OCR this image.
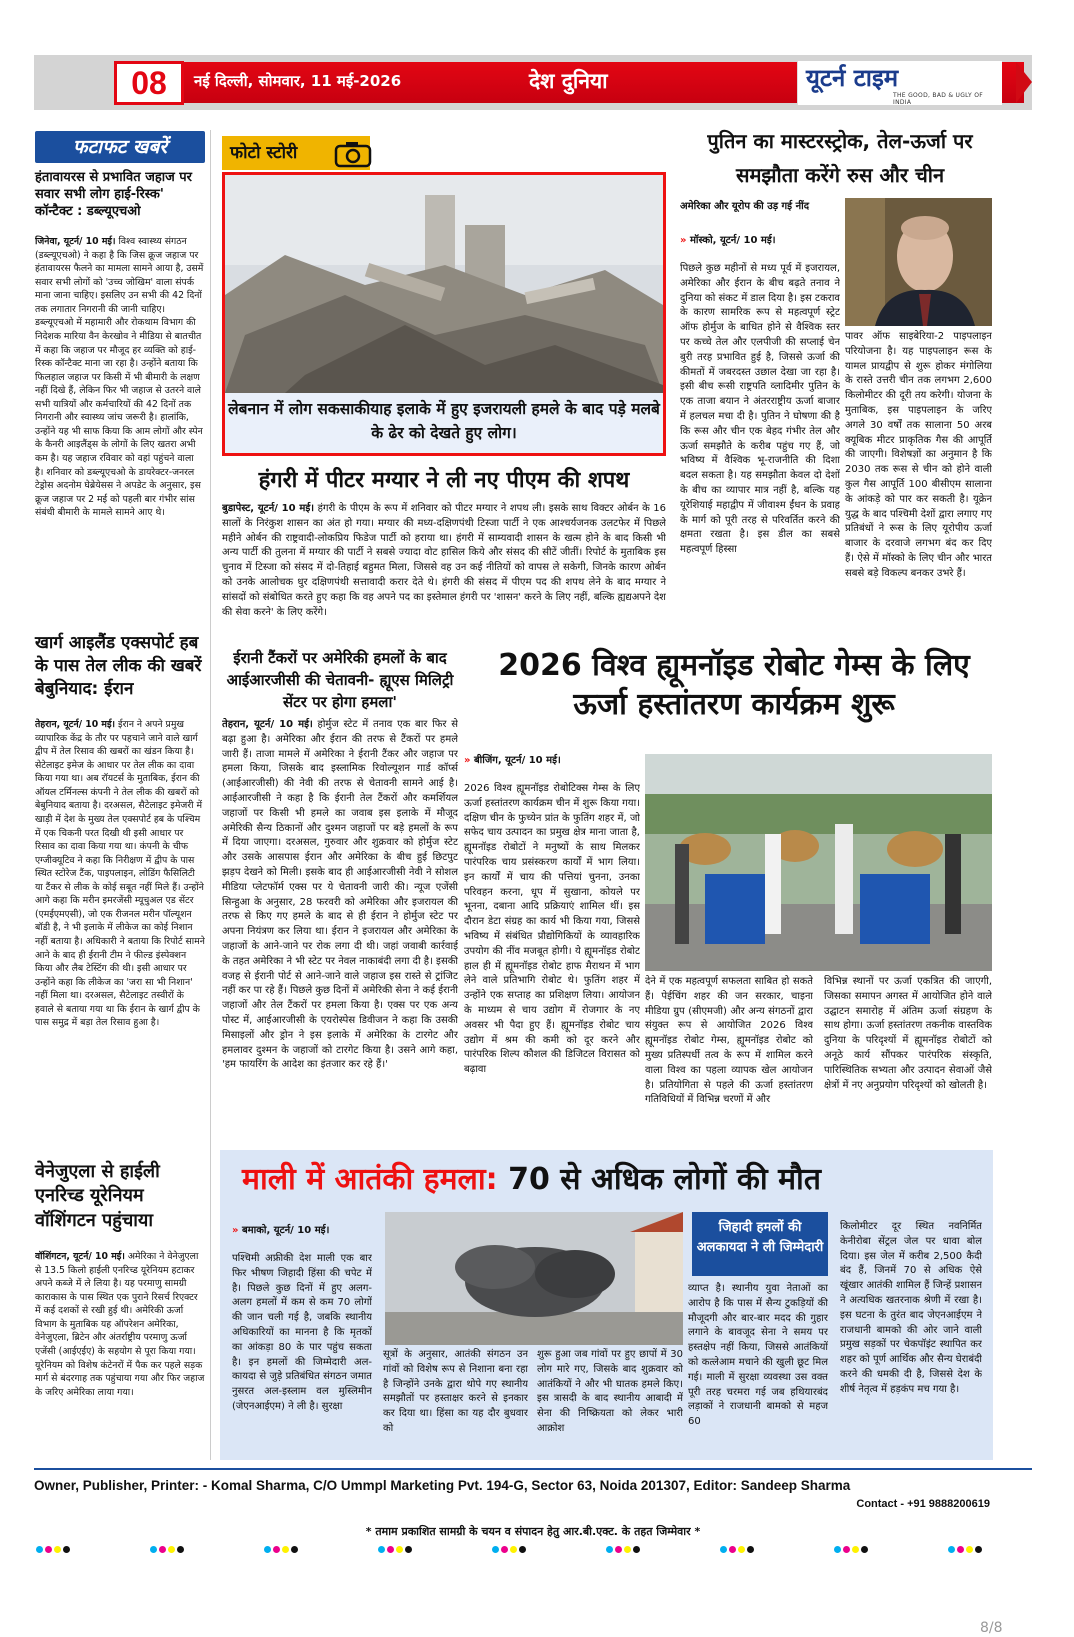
08	नई दिल्ली, सोमवार, 11 मई-2026	देश दुनिया	यूटर्न टाइम
THE GOOD, BAD & UGLY OF INDIA
फटाफट खबरें
हंतावायरस से प्रभावित जहाज पर सवार सभी लोग हाई-रिस्क' कॉन्टैक्ट : डब्ल्यूएचओ
जिनेवा, यूटर्न/ 10 मई। विश्व स्वास्थ्य संगठन (डब्ल्यूएचओ) ने कहा है कि जिस क्रूज जहाज पर हंतावायरस फैलने का मामला सामने आया है, उसमें सवार सभी लोगों को 'उच्च जोखिम' वाला संपर्क माना जाना चाहिए। इसलिए उन सभी की 42 दिनों तक लगातार निगरानी की जानी चाहिए। डब्ल्यूएचओ में महामारी और रोकथाम विभाग की निदेशक मारिया वैन केरखोव ने मीडिया से बातचीत में कहा कि जहाज पर मौजूद हर व्यक्ति को हाई-रिस्क कॉन्टैक्ट माना जा रहा है। उन्होंने बताया कि फिलहाल जहाज पर किसी में भी बीमारी के लक्षण नहीं दिखे हैं, लेकिन फिर भी जहाज से उतरने वाले सभी यात्रियों और कर्मचारियों की 42 दिनों तक निगरानी और स्वास्थ्य जांच जरूरी है। हालांकि, उन्होंने यह भी साफ किया कि आम लोगों और स्पेन के कैनरी आइलैंड्स के लोगों के लिए खतरा अभी कम है। यह जहाज रविवार को वहां पहुंचने वाला है। शनिवार को डब्ल्यूएचओ के डायरेक्टर-जनरल टेड्रोस अदनोम घेब्रेयेसस ने अपडेट के अनुसार, इस क्रूज जहाज पर 2 मई को पहली बार गंभीर सांस संबंधी बीमारी के मामले सामने आए थे।
खार्ग आइलैंड एक्सपोर्ट हब के पास तेल लीक की खबरें बेबुनियाद: ईरान
तेहरान, यूटर्न/ 10 मई। ईरान ने अपने प्रमुख व्यापारिक केंद्र के तौर पर पहचाने जाने वाले खार्ग द्वीप में तेल रिसाव की खबरों का खंडन किया है। सेटेलाइट इमेज के आधार पर तेल लीक का दावा किया गया था। अब रॉयटर्स के मुताबिक, ईरान की ऑयल टर्मिनल्स कंपनी ने तेल लीक की खबरों को बेबुनियाद बताया है। दरअसल, सैटेलाइट इमेजरी में खाड़ी में देश के मुख्य तेल एक्सपोर्ट हब के पश्चिम में एक चिकनी परत दिखी थी इसी आधार पर रिसाव का दावा किया गया था। कंपनी के चीफ एग्जीक्यूटिव ने कहा कि निरीक्षण में द्वीप के पास स्थित स्टोरेज टैंक, पाइपलाइन, लोडिंग फैसिलिटी या टैंकर से लीक के कोई सबूत नहीं मिले हैं। उन्होंने आगे कहा कि मरीन इमरजेंसी म्यूचुअल एड सेंटर (एमईएमएसी), जो एक रीजनल मरीन पॉल्यूशन बॉडी है, ने भी इलाके में लीकेज का कोई निशान नहीं बताया है। अधिकारी ने बताया कि रिपोर्ट सामने आने के बाद ही ईरानी टीम ने फील्ड इंस्पेक्शन किया और लैब टेस्टिंग की थी। इसी आधार पर उन्होंने कहा कि लीकेज का 'जरा सा भी निशान' नहीं मिला था। दरअसल, सैटेलाइट तस्वीरों के हवाले से बताया गया था कि ईरान के खार्ग द्वीप के पास समुद्र में बड़ा तेल रिसाव हुआ है।
वेनेजुएला से हाईली एनरिच्ड यूरेनियम वॉशिंगटन पहुंचाया
वॉशिंगटन, यूटर्न/ 10 मई। अमेरिका ने वेनेजुएला से 13.5 किलो हाईली एनरिच्ड यूरेनियम हटाकर अपने कब्जे में ले लिया है। यह परमाणु सामग्री काराकास के पास स्थित एक पुराने रिसर्च रिएक्टर में कई दशकों से रखी हुई थी। अमेरिकी ऊर्जा विभाग के मुताबिक यह ऑपरेशन अमेरिका, वेनेजुएला, ब्रिटेन और अंतर्राष्ट्रीय परमाणु ऊर्जा एजेंसी (आईएईए) के सहयोग से पूरा किया गया। यूरेनियम को विशेष कंटेनरों में पैक कर पहले सड़क मार्ग से बंदरगाह तक पहुंचाया गया और फिर जहाज के जरिए अमेरिका लाया गया।
फोटो स्टोरी
लेबनान में लोग सकसाकीयाह इलाके में हुए इजरायली हमले के बाद पड़े मलबे के ढेर को देखते हुए लोग।
हंगरी में पीटर मग्यार ने ली नए पीएम की शपथ

बुडापेस्ट, यूटर्न/ 10 मई। हंगरी के पीएम के रूप में शनिवार को पीटर मग्यार ने शपथ ली। इसके साथ विक्टर ओर्बन के 16 सालों के निरंकुश शासन का अंत हो गया। मग्यार की मध्य-दक्षिणपंथी टिस्जा पार्टी ने एक आश्चर्यजनक उलटफेर में पिछले महीने ओर्बन की राष्ट्रवादी-लोकप्रिय फिडेज पार्टी को हराया था। हंगरी में साम्यवादी शासन के खत्म होने के बाद किसी भी अन्य पार्टी की तुलना में मग्यार की पार्टी ने सबसे ज्यादा वोट हासिल किये और संसद की सीटें जीतीं। रिपोर्ट के मुताबिक इस चुनाव में टिस्जा को संसद में दो-तिहाई बहुमत मिला, जिससे वह उन कई नीतियों को वापस ले सकेगी, जिनके कारण ओर्बन को उनके आलोचक धुर दक्षिणपंथी सत्तावादी करार देते थे। हंगरी की संसद में पीएम पद की शपथ लेने के बाद मग्यार ने सांसदों को संबोधित करते हुए कहा कि वह अपने पद का इस्तेमाल हंगरी पर 'शासन' करने के लिए नहीं, बल्कि ह्यद्यअपने देश की सेवा करने' के लिए करेंगे।

ईरानी टैंकरों पर अमेरिकी हमलों के बाद आईआरजीसी की चेतावनी- ह्यूएस मिलिट्री सेंटर पर होगा हमला'

तेहरान, यूटर्न/ 10 मई। होर्मुज स्टेट में तनाव एक बार फिर से बढ़ा हुआ है। अमेरिका और ईरान की तरफ से टैंकरों पर हमले जारी हैं। ताजा मामले में अमेरिका ने ईरानी टैंकर और जहाज पर हमला किया, जिसके बाद इस्लामिक रिवोल्यूशन गार्ड कॉर्प्स (आईआरजीसी) की नेवी की तरफ से चेतावनी सामने आई है। आईआरजीसी ने कहा है कि ईरानी तेल टैंकरों और कमर्शियल जहाजों पर किसी भी हमले का जवाब इस इलाके में मौजूद अमेरिकी सैन्य ठिकानों और दुश्मन जहाजों पर बड़े हमलों के रूप में दिया जाएगा। दरअसल, गुरुवार और शुक्रवार को होर्मुज स्टेट और उसके आसपास ईरान और अमेरिका के बीच हुई छिटपुट झड़प देखने को मिली। इसके बाद ही आईआरजीसी नेवी ने सोशल मीडिया प्लेटफॉर्म एक्स पर ये चेतावनी जारी की। न्यूज एजेंसी सिन्हुआ के अनुसार, 28 फरवरी को अमेरिका और इजरायल की तरफ से किए गए हमले के बाद से ही ईरान ने होर्मुज स्टेट पर अपना नियंत्रण कर लिया था। ईरान ने इजरायल और अमेरिका के जहाजों के आने-जाने पर रोक लगा दी थी। जहां जवाबी कार्रवाई के तहत अमेरिका ने भी स्टेट पर नेवल नाकाबंदी लगा दी है। इसकी वजह से ईरानी पोर्ट से आने-जाने वाले जहाज इस रास्ते से ट्रांजिट नहीं कर पा रहे हैं। पिछले कुछ दिनों में अमेरिकी सेना ने कई ईरानी जहाजों और तेल टैंकरों पर हमला किया है। एक्स पर एक अन्य पोस्ट में, आईआरजीसी के एयरोस्पेस डिवीजन ने कहा कि उसकी मिसाइलों और ड्रोन ने इस इलाके में अमेरिका के टारगेट और हमलावर दुश्मन के जहाजों को टारगेट किया है। उसने आगे कहा, 'हम फायरिंग के आदेश का इंतजार कर रहे हैं।'

पुतिन का मास्टरस्ट्रोक, तेल-ऊर्जा पर समझौता करेंगे रुस और चीन
अमेरिका और यूरोप की उड़ गई नींद
» मॉस्को, यूटर्न/ 10 मई।

पिछले कुछ महीनों से मध्य पूर्व में इजरायल, अमेरिका और ईरान के बीच बढ़ते तनाव ने दुनिया को संकट में डाल दिया है। इस टकराव के कारण सामरिक रूप से महत्वपूर्ण स्ट्रेट ऑफ होर्मुज के बाधित होने से वैश्विक स्तर पर कच्चे तेल और एलपीजी की सप्लाई चेन बुरी तरह प्रभावित हुई है, जिससे ऊर्जा की कीमतों में जबरदस्त उछाल देखा जा रहा है। इसी बीच रूसी राष्ट्रपति व्लादिमीर पुतिन के एक ताजा बयान ने अंतरराष्ट्रीय ऊर्जा बाजार में हलचल मचा दी है। पुतिन ने घोषणा की है कि रूस और चीन एक बेहद गंभीर तेल और ऊर्जा समझौते के करीब पहुंच गए हैं, जो भविष्य में वैश्विक भू-राजनीति की दिशा बदल सकता है। यह समझौता केवल दो देशों के बीच का व्यापार मात्र नहीं है, बल्कि यह यूरेशियाई महाद्वीप में जीवाश्म ईंधन के प्रवाह के मार्ग को पूरी तरह से परिवर्तित करने की क्षमता रखता है। इस डील का सबसे महत्वपूर्ण हिस्सा

पावर ऑफ साइबेरिया-2 पाइपलाइन परियोजना है। यह पाइपलाइन रूस के यामल प्रायद्वीप से शुरू होकर मंगोलिया के रास्ते उत्तरी चीन तक लगभग 2,600 किलोमीटर की दूरी तय करेगी। योजना के मुताबिक, इस पाइपलाइन के जरिए अगले 30 वर्षों तक सालाना 50 अरब क्यूबिक मीटर प्राकृतिक गैस की आपूर्ति की जाएगी। विशेषज्ञों का अनुमान है कि 2030 तक रूस से चीन को होने वाली कुल गैस आपूर्ति 100 बीसीएम सालाना के आंकड़े को पार कर सकती है। यूक्रेन युद्ध के बाद पश्चिमी देशों द्वारा लगाए गए प्रतिबंधों ने रूस के लिए यूरोपीय ऊर्जा बाजार के दरवाजे लगभग बंद कर दिए हैं। ऐसे में मॉस्को के लिए चीन और भारत सबसे बड़े विकल्प बनकर उभरे हैं।

2026 विश्व ह्यूमनॉइड रोबोट गेम्स के लिए ऊर्जा हस्तांतरण कार्यक्रम शुरू
» बीजिंग, यूटर्न/ 10 मई।

2026 विश्व ह्यूमनॉइड रोबोटिक्स गेम्स के लिए ऊर्जा हस्तांतरण कार्यक्रम चीन में शुरू किया गया। दक्षिण चीन के फुच्येन प्रांत के फुतिंग शहर में, जो सफेद चाय उत्पादन का प्रमुख क्षेत्र माना जाता है, ह्यूमनॉइड रोबोटों ने मनुष्यों के साथ मिलकर पारंपरिक चाय प्रसंस्करण कार्यों में भाग लिया। इन कार्यों में चाय की पत्तियां चुनना, उनका परिवहन करना, धूप में सुखाना, कोयले पर भूनना, दबाना आदि प्रक्रियाएं शामिल थीं। इस दौरान डेटा संग्रह का कार्य भी किया गया, जिससे भविष्य में संबंधित प्रौद्योगिकियों के व्यावहारिक उपयोग की नींव मजबूत होगी। ये ह्यूमनॉइड रोबोट हाल ही में ह्यूमनॉइड रोबोट हाफ मैराथन में भाग लेने वाले प्रतिभागि रोबोट थे। फुतिंग शहर में उन्होंने एक सप्ताह का प्रशिक्षण लिया। आयोजन के माध्यम से चाय उद्योग में रोजगार के नए अवसर भी पैदा हुए हैं। ह्यूमनॉइड रोबोट चाय उद्योग में श्रम की कमी को दूर करने और पारंपरिक शिल्प कौशल की डिजिटल विरासत को बढ़ावा

देने में एक महत्वपूर्ण सफलता साबित हो सकते हैं। पेईचिंग शहर की जन सरकार, चाइना मीडिया ग्रुप (सीएमजी) और अन्य संगठनों द्वारा संयुक्त रूप से आयोजित 2026 विश्व ह्यूमनॉइड रोबोट गेम्स, ह्यूमनॉइड रोबोट को मुख्य प्रतिस्पर्धी तत्व के रूप में शामिल करने वाला विश्व का पहला व्यापक खेल आयोजन है। प्रतियोगिता से पहले की ऊर्जा हस्तांतरण गतिविधियों में विभिन्न चरणों में और

विभिन्न स्थानों पर ऊर्जा एकत्रित की जाएगी, जिसका समापन अगस्त में आयोजित होने वाले उद्घाटन समारोह में अंतिम ऊर्जा संग्रहण के साथ होगा। ऊर्जा हस्तांतरण तकनीक वास्तविक दुनिया के परिदृश्यों में ह्यूमनॉइड रोबोटों को अनूठे कार्य सौंपकर पारंपरिक संस्कृति, पारिस्थितिक सभ्यता और उत्पादन सेवाओं जैसे क्षेत्रों में नए अनुप्रयोग परिदृश्यों को खोलती है।

माली में आतंकी हमला: 70 से अधिक लोगों की मौत
» बमाको, यूटर्न/ 10 मई।

पश्चिमी अफ्रीकी देश माली एक बार फिर भीषण जिहादी हिंसा की चपेट में है। पिछले कुछ दिनों में हुए अलग-अलग हमलों में कम से कम 70 लोगों की जान चली गई है, जबकि स्थानीय अधिकारियों का मानना है कि मृतकों का आंकड़ा 80 के पार पहुंच सकता है। इन हमलों की जिम्मेदारी अल-कायदा से जुड़े प्रतिबंधित संगठन जमात नुसरत अल-इस्लाम वल मुस्लिमीन (जेएनआईएम) ने ली है। सुरक्षा

सूत्रों के अनुसार, आतंकी संगठन उन गांवों को विशेष रूप से निशाना बना रहा है जिन्होंने उनके द्वारा थोपे गए स्थानीय समझौतों पर हस्ताक्षर करने से इनकार कर दिया था। हिंसा का यह दौर बुधवार को

शुरू हुआ जब गांवों पर हुए छापों में 30 लोग मारे गए, जिसके बाद शुक्रवार को आतंकियों ने और भी घातक हमले किए। इस त्रासदी के बाद स्थानीय आबादी में सेना की निष्क्रियता को लेकर भारी आक्रोश

जिहादी हमलों की अलकायदा ने ली जिम्मेदारी

व्याप्त है। स्थानीय युवा नेताओं का आरोप है कि पास में सैन्य टुकड़ियों की मौजूदगी और बार-बार मदद की गुहार लगाने के बावजूद सेना ने समय पर हस्तक्षेप नहीं किया, जिससे आतंकियों को कत्लेआम मचाने की खुली छूट मिल गई। माली में सुरक्षा व्यवस्था उस वक्त पूरी तरह चरमरा गई जब हथियारबंद लड़ाकों ने राजधानी बामको से महज 60

किलोमीटर दूर स्थित नवनिर्मित केनीरोबा सेंट्रल जेल पर धावा बोल दिया। इस जेल में करीब 2,500 कैदी बंद हैं, जिनमें 70 से अधिक ऐसे खूंखार आतंकी शामिल हैं जिन्हें प्रशासन ने अत्यधिक खतरनाक श्रेणी में रखा है। इस घटना के तुरंत बाद जेएनआईएम ने राजधानी बामको की ओर जाने वाली प्रमुख सड़कों पर चेकपॉइंट स्थापित कर शहर को पूर्ण आर्थिक और सैन्य घेराबंदी करने की धमकी दी है, जिससे देश के शीर्ष नेतृत्व में हड़कंप मच गया है।

Owner, Publisher, Printer: - Komal Sharma, C/O Ummpl Marketing Pvt. 194-G, Sector 63, Noida 201307, Editor: Sandeep Sharma
Contact - +91 9888200619
* तमाम प्रकाशित सामग्री के चयन व संपादन हेतु आर.बी.एक्ट. के तहत जिम्मेवार *
8/8
